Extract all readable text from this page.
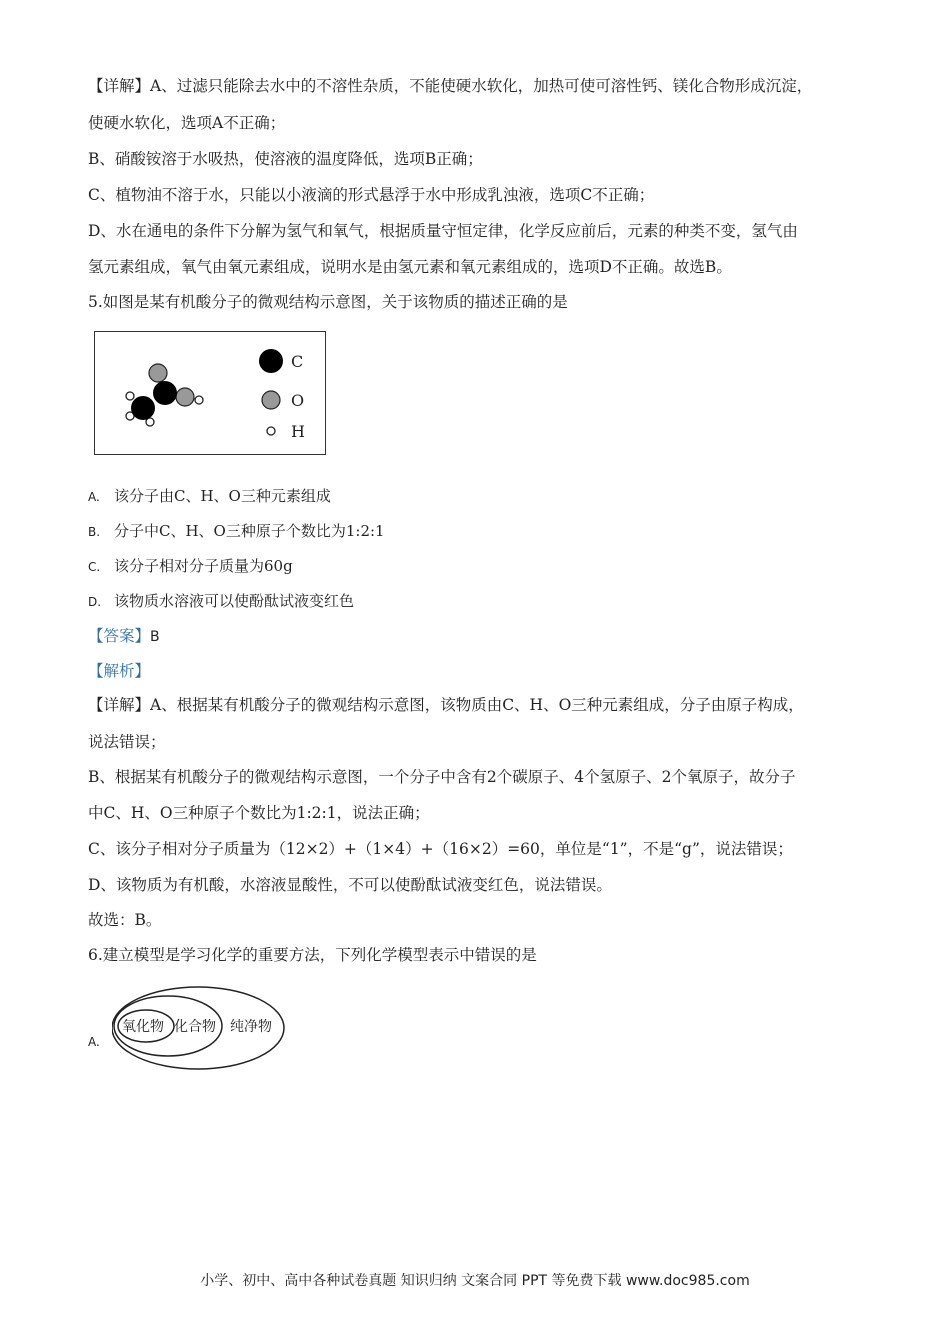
【详解】A、过滤只能除去水中的不溶性杂质，不能使硬水软化，加热可使可溶性钙、镁化合物形成沉淀，
使硬水软化，选项A不正确；
B、硝酸铵溶于水吸热，使溶液的温度降低，选项B正确；
C、植物油不溶于水，只能以小液滴的形式悬浮于水中形成乳浊液，选项C不正确；
D、水在通电的条件下分解为氢气和氧气，根据质量守恒定律，化学反应前后，元素的种类不变，氢气由
氢元素组成，氧气由氧元素组成，说明水是由氢元素和氧元素组成的，选项D不正确。故选B。
5.如图是某有机酸分子的微观结构示意图，关于该物质的描述正确的是
C
O
H
A. 该分子由C、H、O三种元素组成
B. 分子中C、H、O三种原子个数比为1:2:1
C. 该分子相对分子质量为60g
D. 该物质水溶液可以使酚酞试液变红色
【答案】B
【解析】
【详解】A、根据某有机酸分子的微观结构示意图，该物质由C、H、O三种元素组成，分子由原子构成，
说法错误；
B、根据某有机酸分子的微观结构示意图，一个分子中含有2个碳原子、4个氢原子、2个氧原子，故分子
中C、H、O三种原子个数比为1:2:1，说法正确；
C、该分子相对分子质量为（12×2）+（1×4）+（16×2）=60，单位是“1”，不是“g”，说法错误；
D、该物质为有机酸，水溶液显酸性，不可以使酚酞试液变红色，说法错误。
故选：B。
6.建立模型是学习化学的重要方法，下列化学模型表示中错误的是
A.
氧化物 化合物 纯净物
小学、初中、高中各种试卷真题 知识归纳 文案合同 PPT 等免费下载 www.doc985.com
